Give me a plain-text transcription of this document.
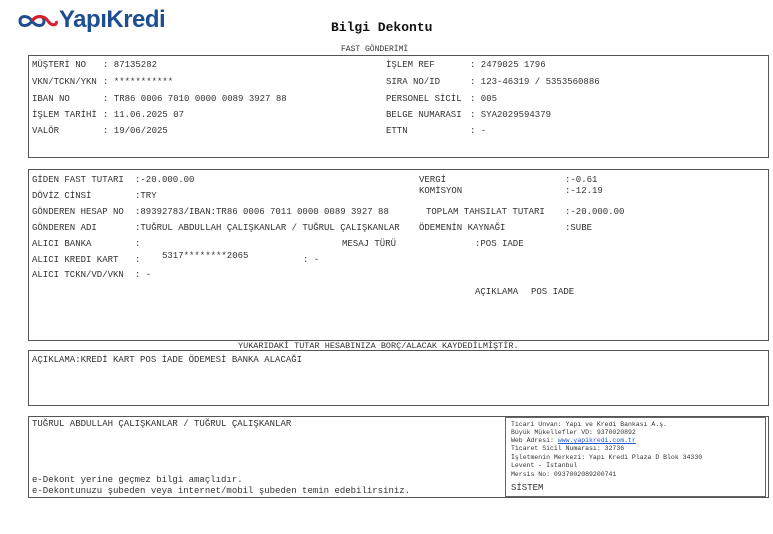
YapıKredi	Bilgi Dekontu
FAST GÖNDERİMİ
MÜŞTERİ NO : 87135282
VKN/TCKN/YKN : ***********
IBAN NO	: TR86 0006 7010 0000 0089 3927 88
İŞLEM TARİHİ : 11.06.2025 07
VALÖR	: 19/06/2025
İŞLEM REF	: 2479025 1796
SIRA NO/ID	: 123-46319 / 5353560886
PERSONEL SİCİL : 005
BELGE NUMARASI : SYA2029594379
ETTN	: -
GİDEN FAST TUTARI :-20.000.00
DÖVİZ CİNSİ	:TRY
GÖNDEREN HESAP NO :89392783/IBAN:TR86 0006 7011 0000 0089 3927 88
GÖNDEREN ADI	:TUĞRUL ABDULLAH ÇALIŞKANLAR / TUĞRUL ÇALIŞKANLAR
ALICI BANKA	:
ALICI KREDI KART : 5317********2065	: -
ALICI TCKN/VD/VKN : -
VERGİ	:-0.61
KOMİSYON	:-12.19
TOPLAM TAHSILAT TUTARI :-20.000.00
ÖDEMENİN KAYNAĞI	:SUBE
MESAJ TÜRÜ	:POS IADE
AÇIKLAMA POS IADE
YUKARIDAKİ TUTAR HESABINIZA BORÇ/ALACAK KAYDEDİLMİŞTİR.
AÇIKLAMA:KREDİ KART POS İADE ÖDEMESİ BANKA ALACAĞI
TUĞRUL ABDULLAH ÇALIŞKANLAR / TUĞRUL ÇALIŞKANLAR
e-Dekont yerine geçmez bilgi amaçlıdır.
e-Dekontunuzu şubeden veya internet/mobil şubeden temin edebilirsiniz.
Ticari Unvan: Yapı ve Kredi Bankası A.ş.
Büyük Mükellefler VD: 9370020892
Web Adresi: www.yapikredi.com.tr
Ticaret Sicil Numarası: 32736
İşletmenin Merkezi: Yapı Kredi Plaza D Blok 34330
Levent - İstanbul
Mersis No: 0937002089200741
SİSTEM
